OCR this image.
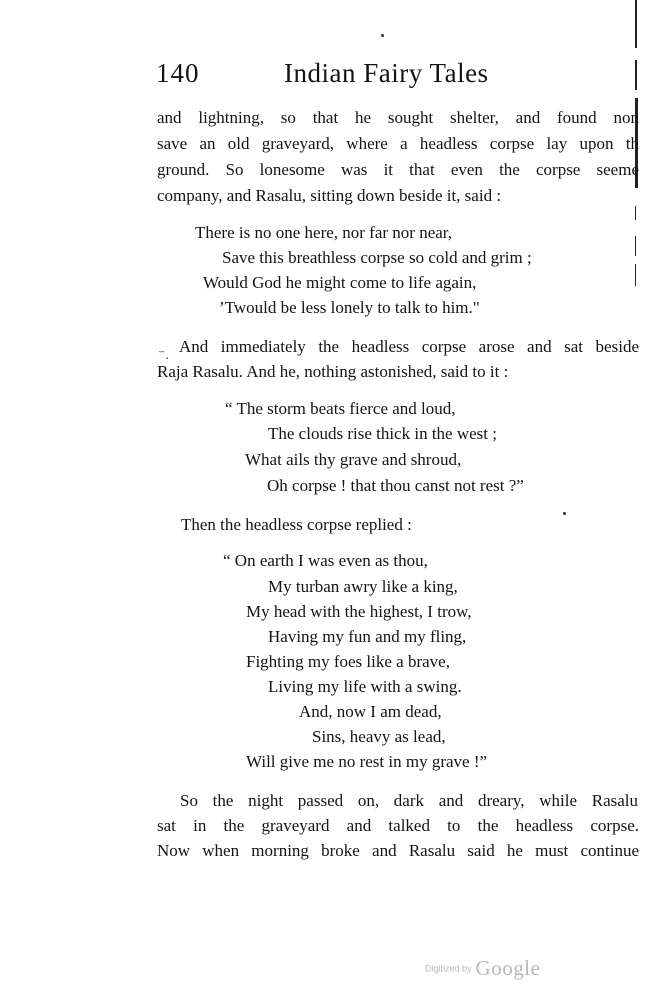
140	Indian Fairy Tales
and lightning, so that he sought shelter, and found non
save an old graveyard, where a headless corpse lay upon th
ground. So lonesome was it that even the corpse seeme
company, and Rasalu, sitting down beside it, said :
There is no one here, nor far nor near,
Save this breathless corpse so cold and grim ;
Would God he might come to life again,
’Twould be less lonely to talk to him."
⁻. And immediately the headless corpse arose and sat beside
Raja Rasalu. And he, nothing astonished, said to it :
“ The storm beats fierce and loud,
The clouds rise thick in the west ;
What ails thy grave and shroud,
Oh corpse ! that thou canst not rest ?”
Then the headless corpse replied :
“ On earth I was even as thou,
My turban awry like a king,
My head with the highest, I trow,
Having my fun and my fling,
Fighting my foes like a brave,
Living my life with a swing.
And, now I am dead,
Sins, heavy as lead,
Will give me no rest in my grave !”
So the night passed on, dark and dreary, while Rasalu
sat in the graveyard and talked to the headless corpse.
Now when morning broke and Rasalu said he must continue
Digitized by Google
